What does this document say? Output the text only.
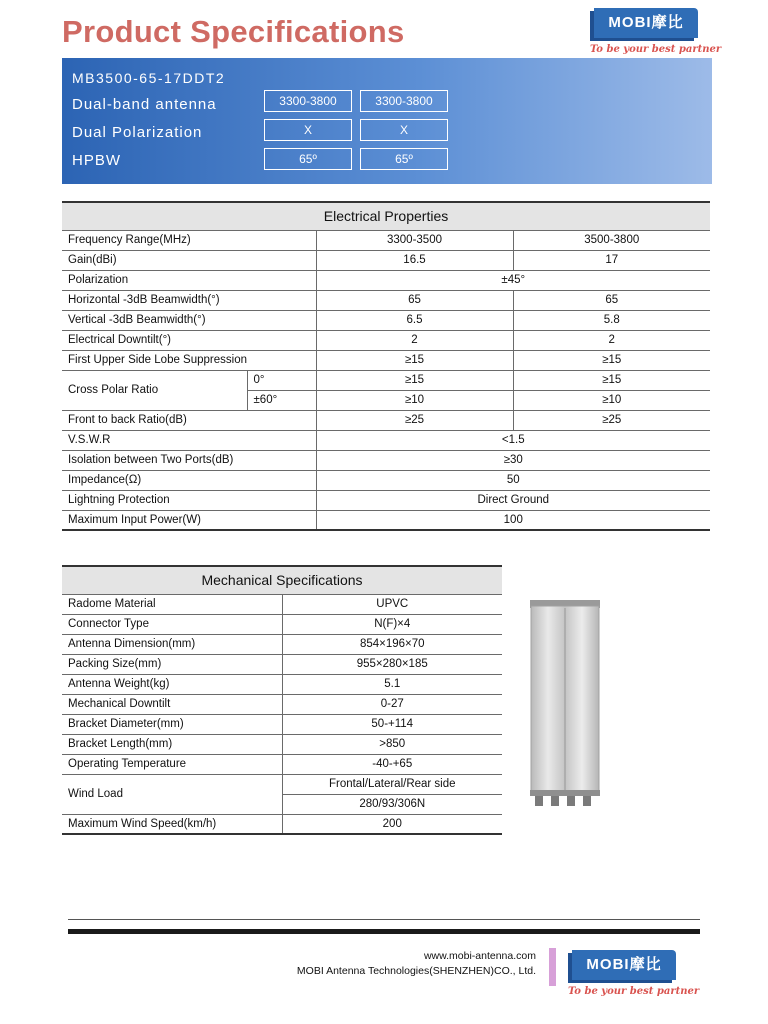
Product Specifications	MOBI摩比
To be your best partner
MB3500-65-17DDT2
Dual-band antenna	3300-3800	3300-3800
Dual Polarization	X	X
HPBW	65º	65º
Electrical Properties			
Frequency Range(MHz)		3300-3500	3500-3800
Gain(dBi)		16.5	17
Polarization		±45°	
Horizontal -3dB Beamwidth(°)		65	65
Vertical -3dB Beamwidth(°)		6.5	5.8
Electrical Downtilt(°)		2	2
First Upper Side Lobe Suppression		≥15	≥15
Cross Polar Ratio	0°	≥15	≥15
	±60°	≥10	≥10
Front to back Ratio(dB)		≥25	≥25
V.S.W.R		<1.5	
Isolation between Two Ports(dB)		≥30	
Impedance(Ω)		50	
Lightning Protection		Direct Ground	
Maximum Input Power(W)		100	
Mechanical Specifications	
Radome Material	UPVC
Connector Type	N(F)×4
Antenna Dimension(mm)	854×196×70
Packing Size(mm)	955×280×185
Antenna Weight(kg)	5.1
Mechanical Downtilt	0-27
Bracket Diameter(mm)	50-+114
Bracket Length(mm)	>850
Operating Temperature	-40-+65
Wind Load	Frontal/Lateral/Rear side
	280/93/306N
Maximum Wind Speed(km/h)	200
www.mobi-antenna.com
MOBI Antenna Technologies(SHENZHEN)CO., Ltd.	MOBI摩比
To be your best partner
